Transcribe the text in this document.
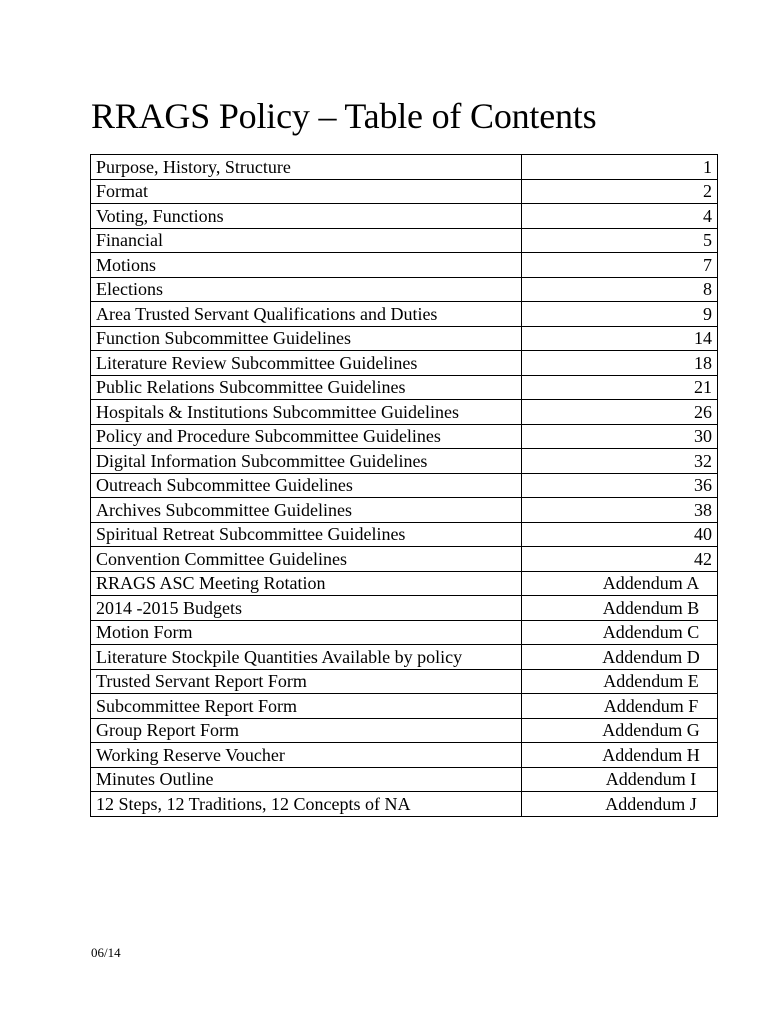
RRAGS Policy – Table of Contents
Purpose, History, Structure	1
Format	2
Voting, Functions	4
Financial	5
Motions	7
Elections	8
Area Trusted Servant Qualifications and Duties	9
Function Subcommittee Guidelines	14
Literature Review Subcommittee Guidelines	18
Public Relations Subcommittee Guidelines	21
Hospitals & Institutions Subcommittee Guidelines	26
Policy and Procedure Subcommittee Guidelines	30
Digital Information Subcommittee Guidelines	32
Outreach Subcommittee Guidelines	36
Archives Subcommittee Guidelines	38
Spiritual Retreat Subcommittee Guidelines	40
Convention Committee Guidelines	42
RRAGS ASC Meeting Rotation	Addendum A
2014 -2015 Budgets	Addendum B
Motion Form	Addendum C
Literature Stockpile Quantities Available by policy	Addendum D
Trusted Servant Report Form	Addendum E
Subcommittee Report Form	Addendum F
Group Report Form	Addendum G
Working Reserve Voucher	Addendum H
Minutes Outline	Addendum I
12 Steps, 12 Traditions, 12 Concepts of NA	Addendum J
06/14
